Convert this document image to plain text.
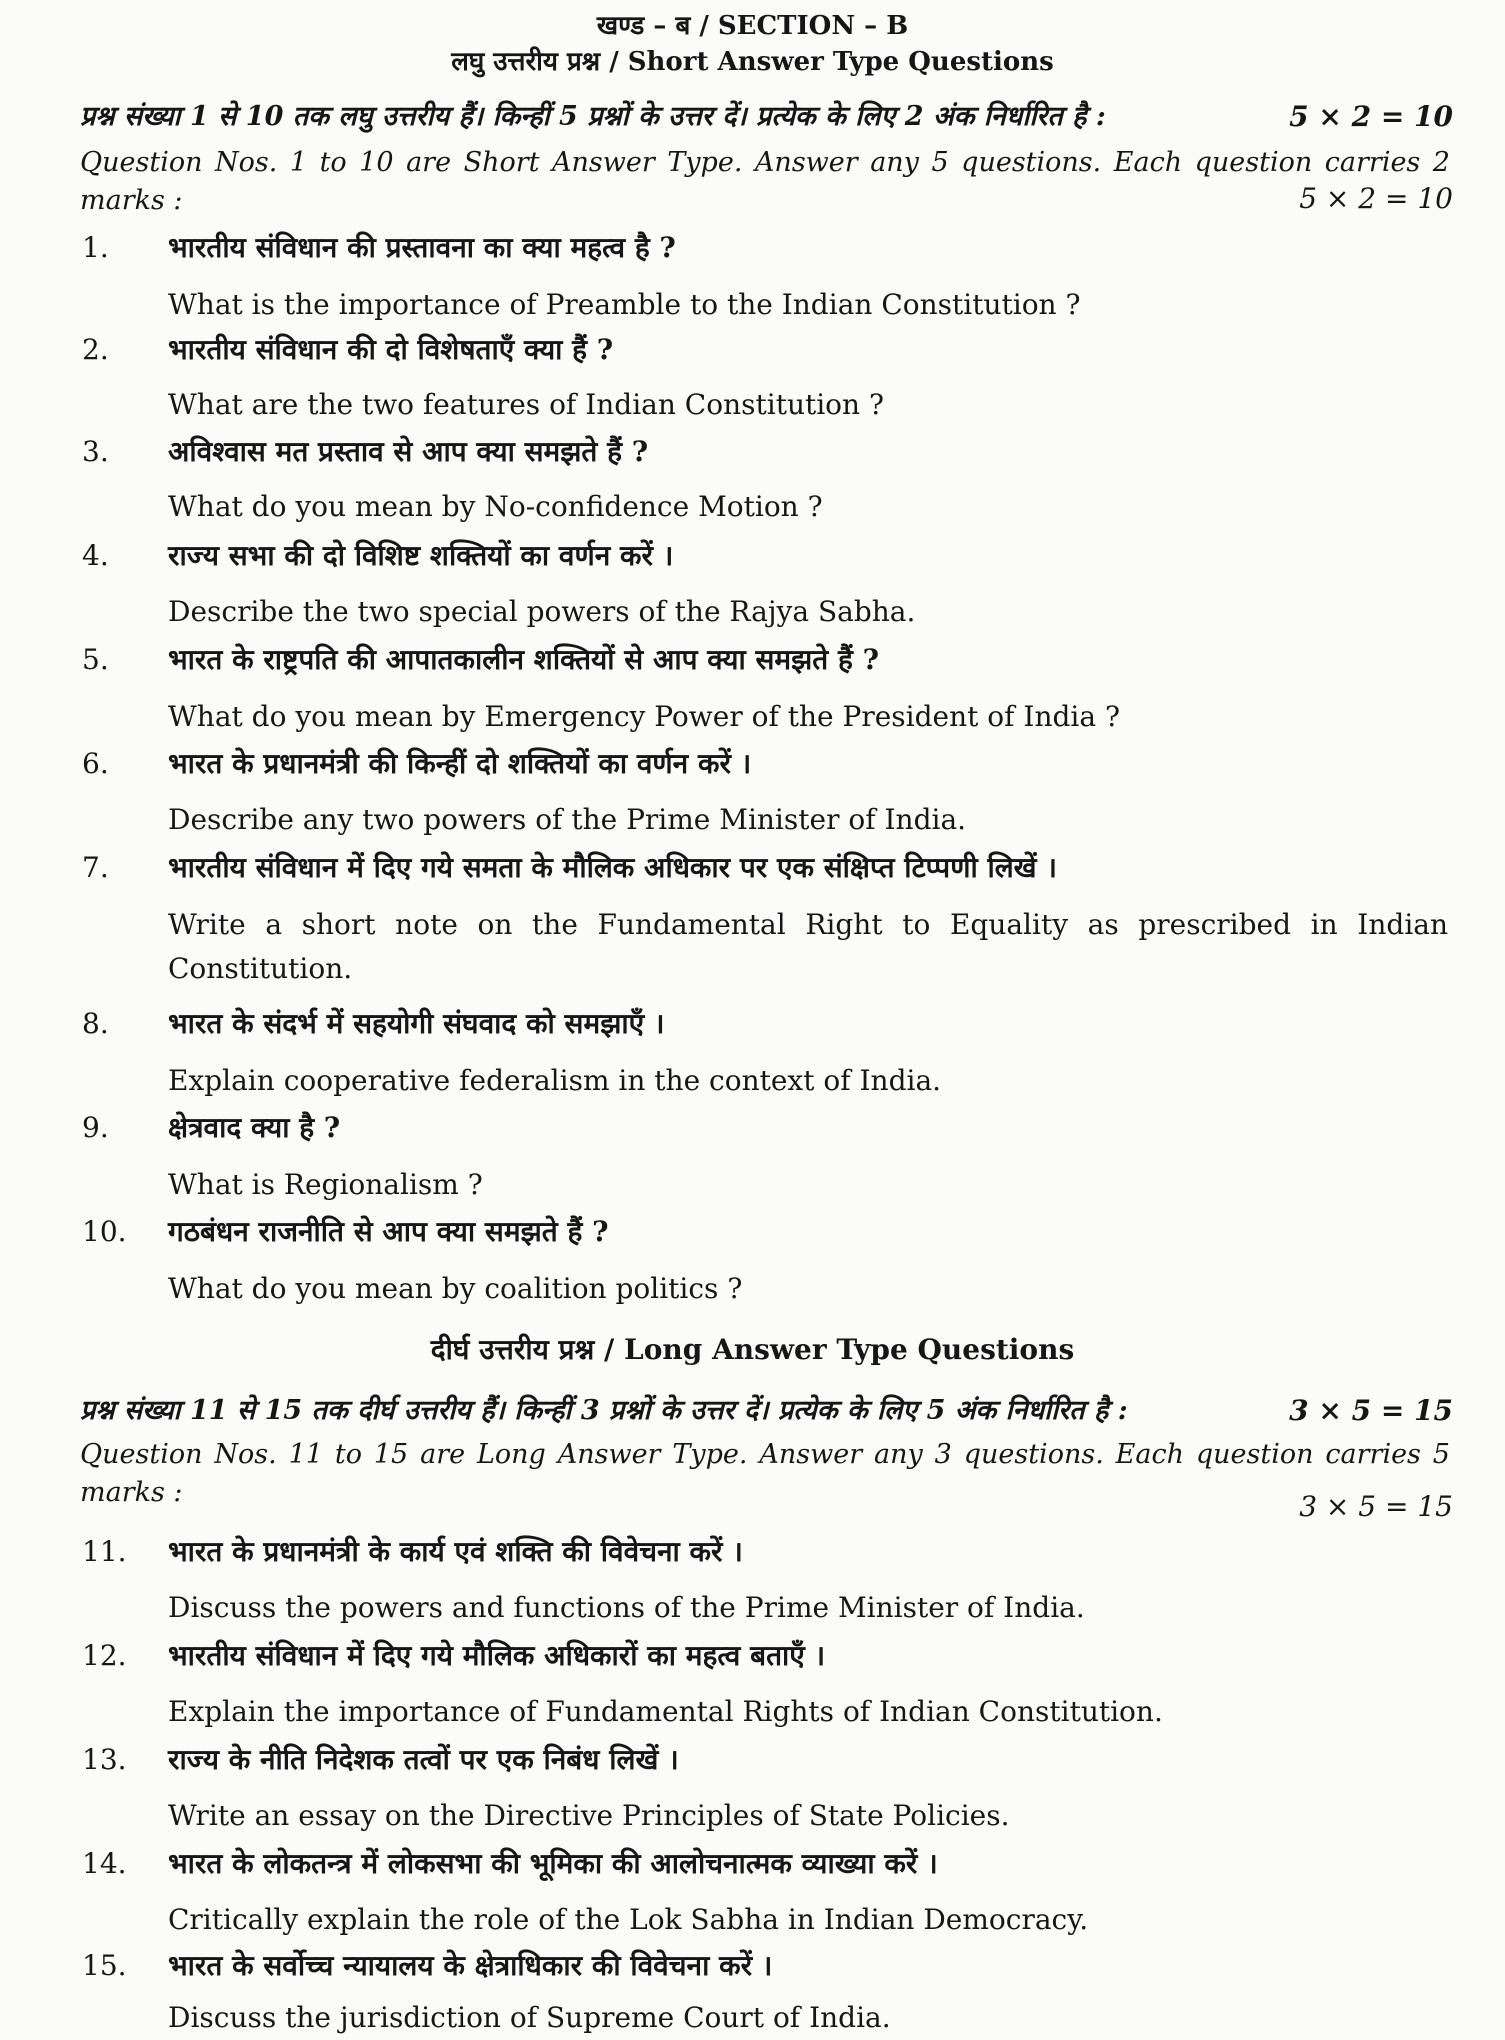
खण्ड – ब / SECTION – B
लघु उत्तरीय प्रश्न / Short Answer Type Questions
प्रश्न संख्या 1 से 10 तक लघु उत्तरीय हैं। किन्हीं 5 प्रश्नों के उत्तर दें। प्रत्येक के लिए 2 अंक निर्धारित है :	5 × 2 = 10
Question Nos. 1 to 10 are Short Answer Type. Answer any 5 questions. Each question carries 2 marks :	5 × 2 = 10
1. भारतीय संविधान की प्रस्तावना का क्या महत्व है ?
What is the importance of Preamble to the Indian Constitution ?
2. भारतीय संविधान की दो विशेषताएँ क्या हैं ?
What are the two features of Indian Constitution ?
3. अविश्वास मत प्रस्ताव से आप क्या समझते हैं ?
What do you mean by No-confidence Motion ?
4. राज्य सभा की दो विशिष्ट शक्तियों का वर्णन करें ।
Describe the two special powers of the Rajya Sabha.
5. भारत के राष्ट्रपति की आपातकालीन शक्तियों से आप क्या समझते हैं ?
What do you mean by Emergency Power of the President of India ?
6. भारत के प्रधानमंत्री की किन्हीं दो शक्तियों का वर्णन करें ।
Describe any two powers of the Prime Minister of India.
7. भारतीय संविधान में दिए गये समता के मौलिक अधिकार पर एक संक्षिप्त टिप्पणी लिखें ।
Write a short note on the Fundamental Right to Equality as prescribed in Indian Constitution.
8. भारत के संदर्भ में सहयोगी संघवाद को समझाएँ ।
Explain cooperative federalism in the context of India.
9. क्षेत्रवाद क्या है ?
What is Regionalism ?
10. गठबंधन राजनीति से आप क्या समझते हैं ?
What do you mean by coalition politics ?
दीर्घ उत्तरीय प्रश्न / Long Answer Type Questions
प्रश्न संख्या 11 से 15 तक दीर्घ उत्तरीय हैं। किन्हीं 3 प्रश्नों के उत्तर दें। प्रत्येक के लिए 5 अंक निर्धारित है :	3 × 5 = 15
Question Nos. 11 to 15 are Long Answer Type. Answer any 3 questions. Each question carries 5 marks :	3 × 5 = 15
11. भारत के प्रधानमंत्री के कार्य एवं शक्ति की विवेचना करें ।
Discuss the powers and functions of the Prime Minister of India.
12. भारतीय संविधान में दिए गये मौलिक अधिकारों का महत्व बताएँ ।
Explain the importance of Fundamental Rights of Indian Constitution.
13. राज्य के नीति निदेशक तत्वों पर एक निबंध लिखें ।
Write an essay on the Directive Principles of State Policies.
14. भारत के लोकतन्त्र में लोकसभा की भूमिका की आलोचनात्मक व्याख्या करें ।
Critically explain the role of the Lok Sabha in Indian Democracy.
15. भारत के सर्वोच्च न्यायालय के क्षेत्राधिकार की विवेचना करें ।
Discuss the jurisdiction of Supreme Court of India.
